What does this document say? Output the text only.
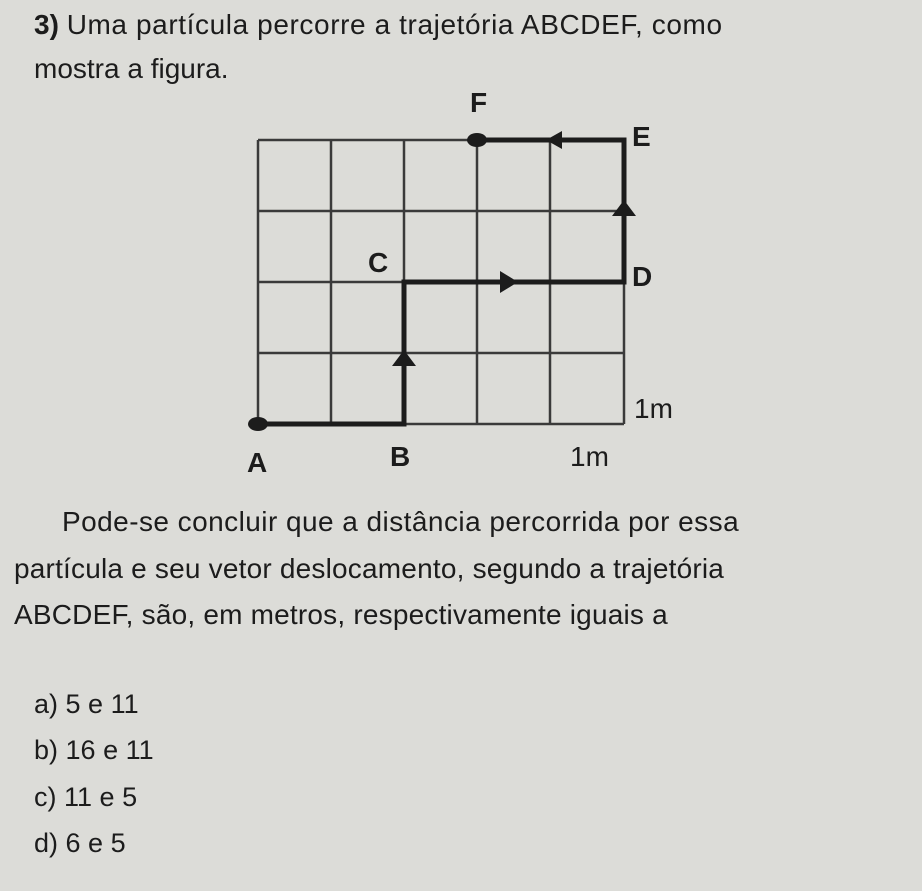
3) Uma partícula percorre a trajetória ABCDEF, como
mostra a figura.
F
E
C	D
A	B
1m
1m
Pode-se concluir que a distância percorrida por essa
partícula e seu vetor deslocamento, segundo a trajetória
ABCDEF, são, em metros, respectivamente iguais a
a) 5 e 11
b) 16 e 11
c) 11 e 5
d) 6 e 5
